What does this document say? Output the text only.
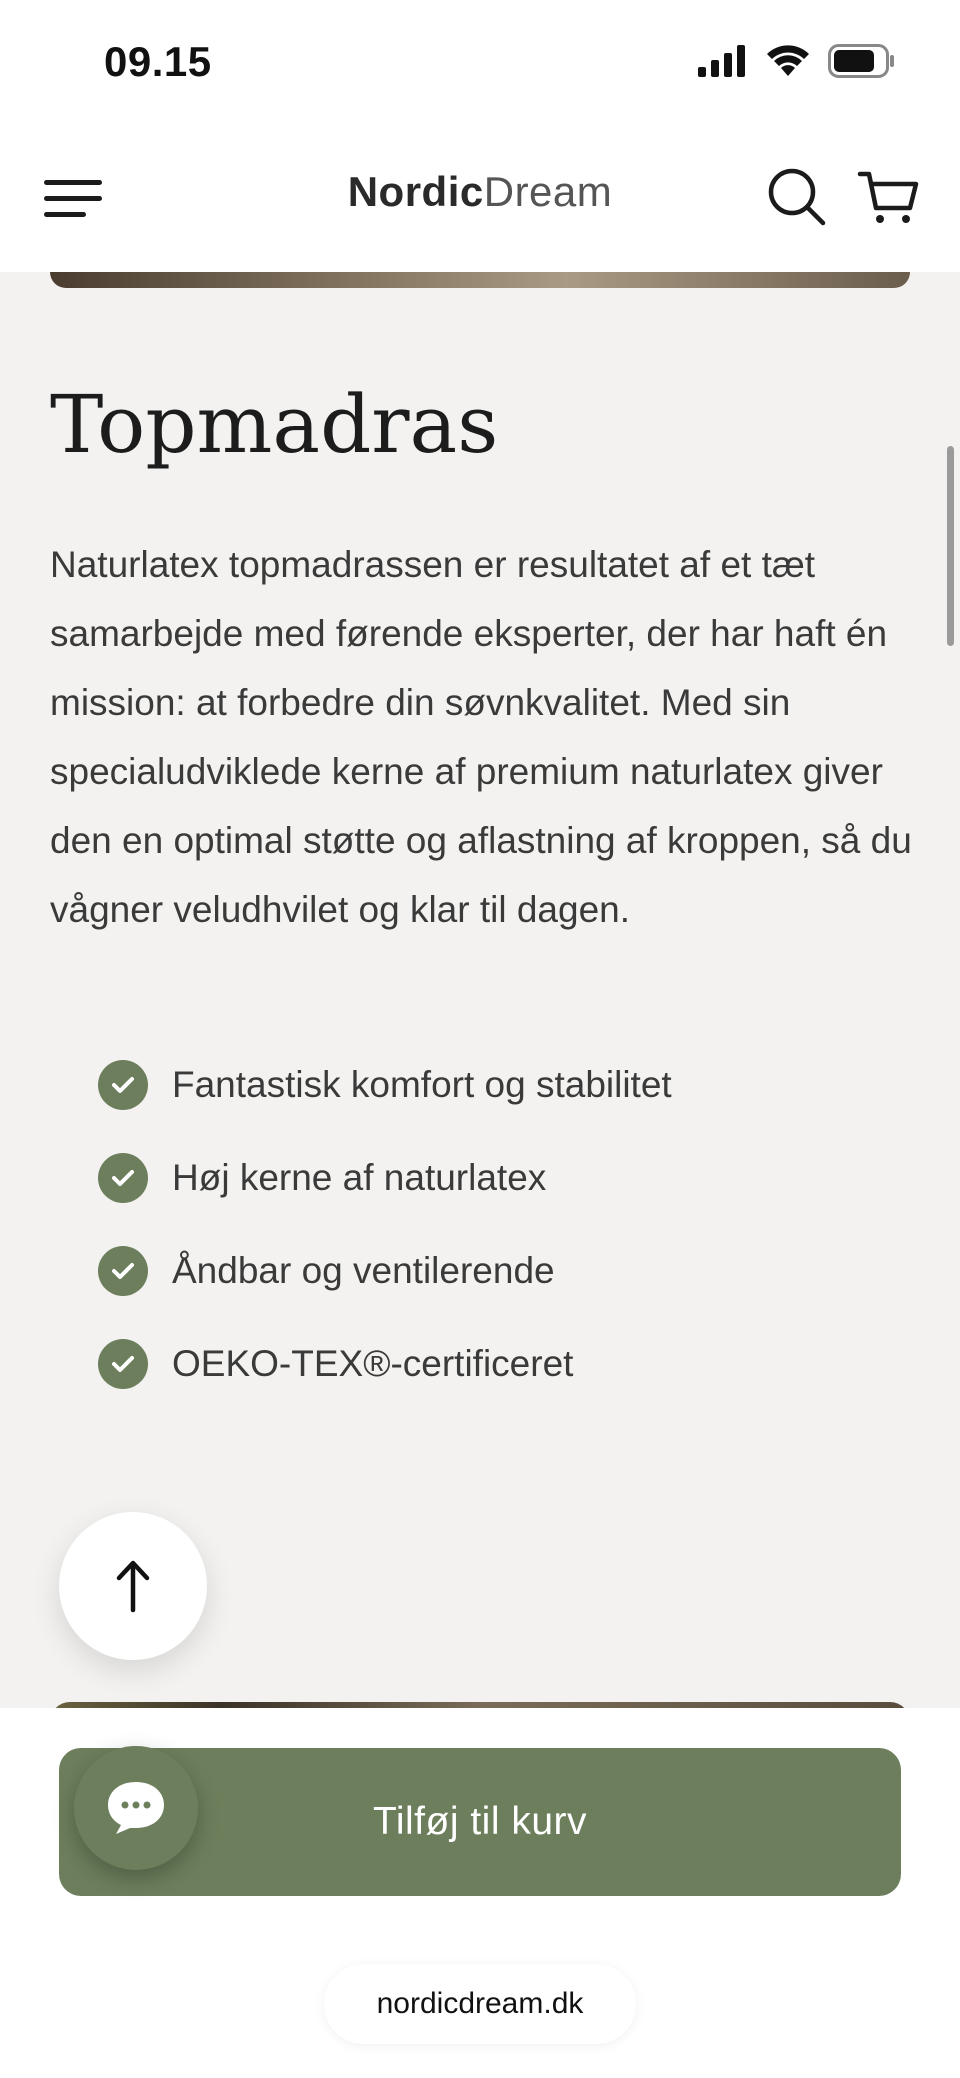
09.15
NordicDream
Topmadras

Naturlatex topmadrassen er resultatet af et tæt samarbejde med førende eksperter, der har haft én mission: at forbedre din søvnkvalitet. Med sin specialudviklede kerne af premium naturlatex giver den en optimal støtte og aflastning af kroppen, så du vågner veludhvilet og klar til dagen.

Fantastisk komfort og stabilitet
Høj kerne af naturlatex
Åndbar og ventilerende
OEKO-TEX®-certificeret
Tilføj til kurv
nordicdream.dk
